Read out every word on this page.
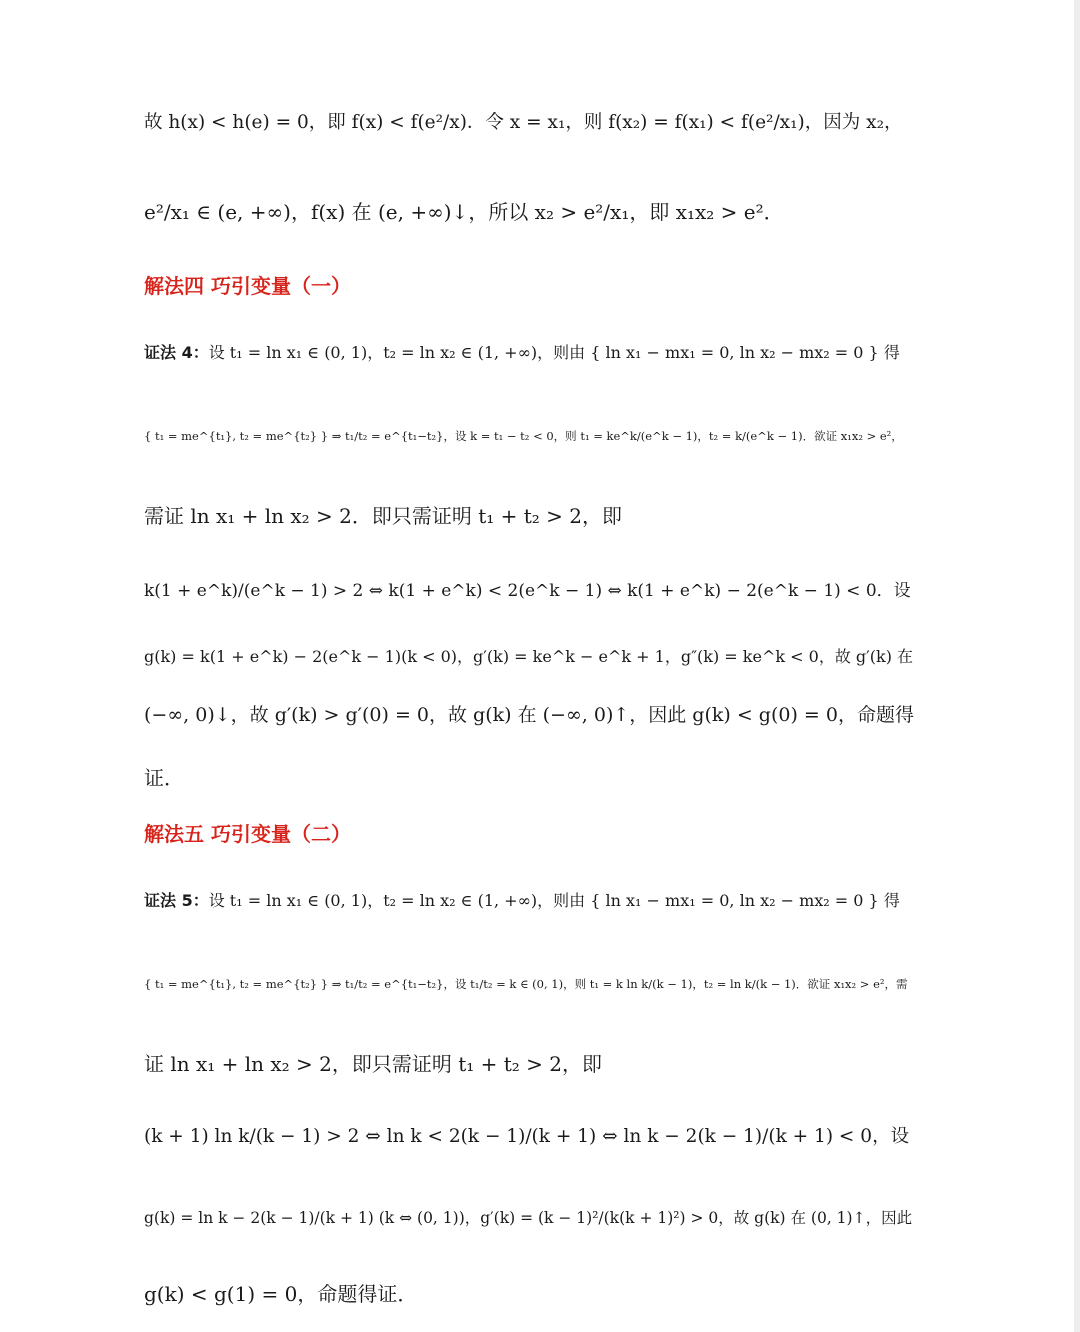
故 h(x) < h(e) = 0，即 f(x) < f(e²/x)．令 x = x₁，则 f(x₂) = f(x₁) < f(e²/x₁)，因为 x₂，
e²/x₁ ∈ (e, +∞)，f(x) 在 (e, +∞)↓，所以 x₂ > e²/x₁，即 x₁x₂ > e²．
解法四 巧引变量（一）
证法 4：设 t₁ = ln x₁ ∈ (0, 1)，t₂ = ln x₂ ∈ (1, +∞)，则由 { ln x₁ − mx₁ = 0, ln x₂ − mx₂ = 0 } 得
{ t₁ = me^{t₁}, t₂ = me^{t₂} } ⇒ t₁/t₂ = e^{t₁−t₂}，设 k = t₁ − t₂ < 0，则 t₁ = ke^k/(e^k − 1)，t₂ = k/(e^k − 1)．欲证 x₁x₂ > e²，
需证 ln x₁ + ln x₂ > 2．即只需证明 t₁ + t₂ > 2，即
k(1 + e^k)/(e^k − 1) > 2 ⇔ k(1 + e^k) < 2(e^k − 1) ⇔ k(1 + e^k) − 2(e^k − 1) < 0．设
g(k) = k(1 + e^k) − 2(e^k − 1)(k < 0)，g′(k) = ke^k − e^k + 1，g″(k) = ke^k < 0，故 g′(k) 在
(−∞, 0)↓，故 g′(k) > g′(0) = 0，故 g(k) 在 (−∞, 0)↑，因此 g(k) < g(0) = 0，命题得
证．
解法五 巧引变量（二）
证法 5：设 t₁ = ln x₁ ∈ (0, 1)，t₂ = ln x₂ ∈ (1, +∞)，则由 { ln x₁ − mx₁ = 0, ln x₂ − mx₂ = 0 } 得
{ t₁ = me^{t₁}, t₂ = me^{t₂} } ⇒ t₁/t₂ = e^{t₁−t₂}，设 t₁/t₂ = k ∈ (0, 1)，则 t₁ = k ln k/(k − 1)，t₂ = ln k/(k − 1)．欲证 x₁x₂ > e²，需
证 ln x₁ + ln x₂ > 2，即只需证明 t₁ + t₂ > 2，即
(k + 1) ln k/(k − 1) > 2 ⇔ ln k < 2(k − 1)/(k + 1) ⇔ ln k − 2(k − 1)/(k + 1) < 0，设
g(k) = ln k − 2(k − 1)/(k + 1) (k ⇔ (0, 1))，g′(k) = (k − 1)²/(k(k + 1)²) > 0，故 g(k) 在 (0, 1)↑，因此
g(k) < g(1) = 0，命题得证．
